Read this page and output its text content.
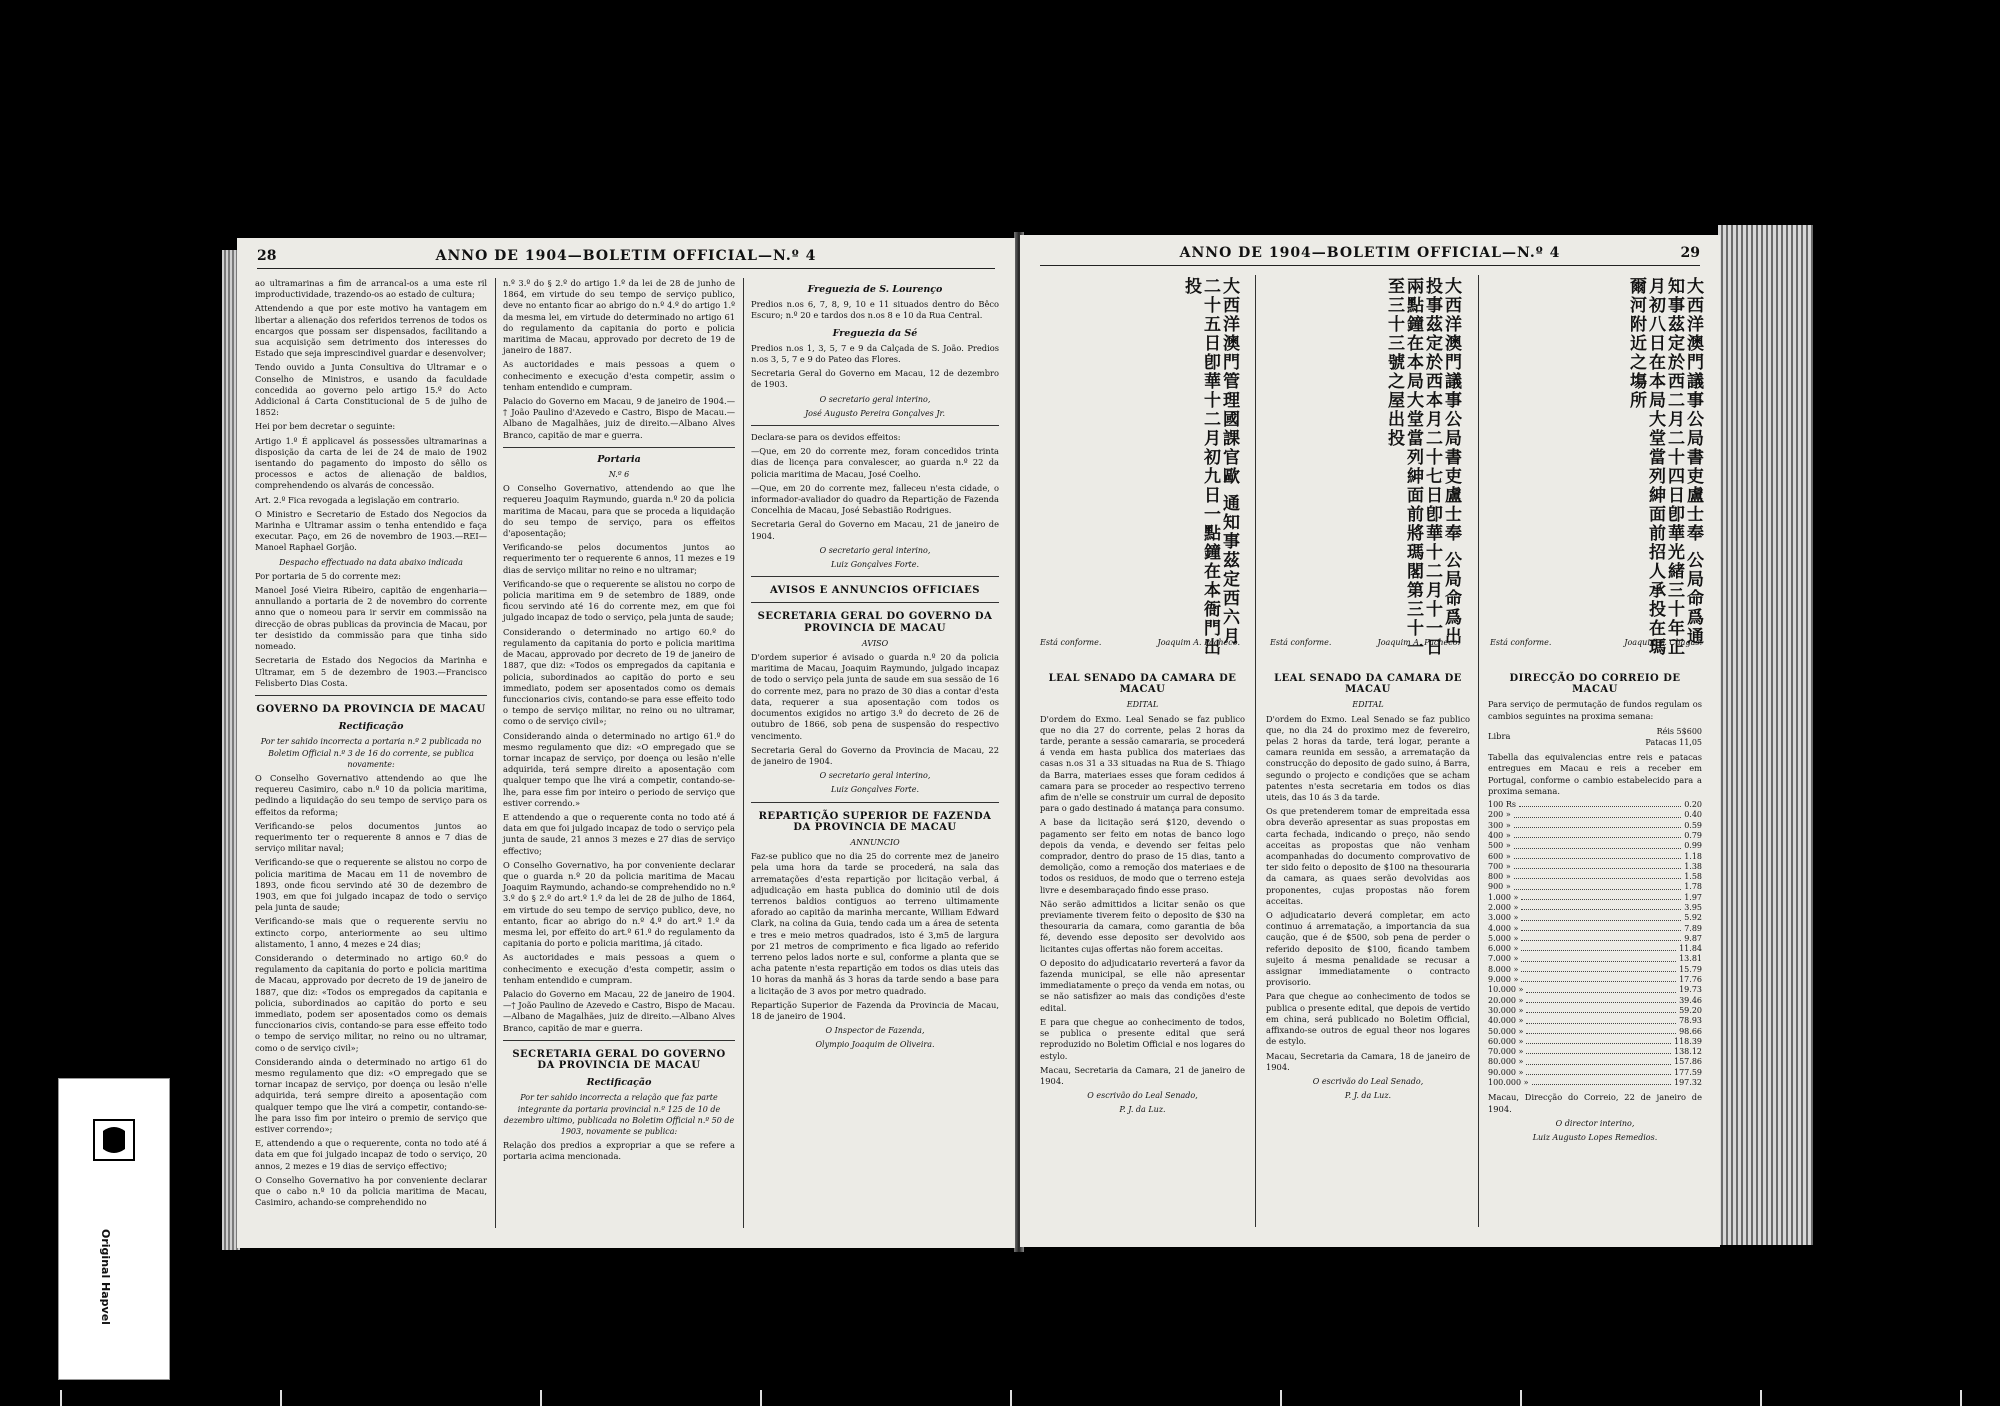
28	ANNO DE 1904—BOLETIM OFFICIAL—N.º 4

ao ultramarinas a fim de arrancal-os a uma este ril improductividade, trazendo-os ao estado de cultura;

Attendendo a que por este motivo ha vantagem em libertar a alienação dos referidos terrenos de todos os encargos que possam ser dispensados, facilitando a sua acquisição sem detrimento dos interesses do Estado que seja imprescindivel guardar e desenvolver;

Tendo ouvido a Junta Consultiva do Ultramar e o Conselho de Ministros, e usando da faculdade concedida ao governo pelo artigo 15.º do Acto Addicional á Carta Constitucional de 5 de julho de 1852:

Hei por bem decretar o seguinte:

Artigo 1.º É applicavel ás possessões ultramarinas a disposição da carta de lei de 24 de maio de 1902 isentando do pagamento do imposto do sêllo os processos e actos de alienação de baldios, comprehendendo os alvarás de concessão.

Art. 2.º Fica revogada a legislação em contrario.

O Ministro e Secretario de Estado dos Negocios da Marinha e Ultramar assim o tenha entendido e faça executar. Paço, em 26 de novembro de 1903.—REI—Manoel Raphael Gorjão.

Despacho effectuado na data abaixo indicada

Por portaria de 5 do corrente mez:

Manoel José Vieira Ribeiro, capitão de engenharia—annullando a portaria de 2 de novembro do corrente anno que o nomeou para ir servir em commissão na direcção de obras publicas da provincia de Macau, por ter desistido da commissão para que tinha sido nomeado.

Secretaria de Estado dos Negocios da Marinha e Ultramar, em 5 de dezembro de 1903.—Francisco Felisberto Dias Costa.

GOVERNO DA PROVINCIA DE MACAU
Rectificação

Por ter sahido incorrecta a portaria n.º 2 publicada no Boletim Official n.º 3 de 16 do corrente, se publica novamente:

O Conselho Governativo attendendo ao que lhe requereu Casimiro, cabo n.º 10 da policia maritima, pedindo a liquidação do seu tempo de serviço para os effeitos da reforma;

Verificando-se pelos documentos juntos ao requerimento ter o requerente 8 annos e 7 dias de serviço militar naval;

Verificando-se que o requerente se alistou no corpo de policia maritima de Macau em 11 de novembro de 1893, onde ficou servindo até 30 de dezembro de 1903, em que foi julgado incapaz de todo o serviço pela junta de saude;

Verificando-se mais que o requerente serviu no extincto corpo, anteriormente ao seu ultimo alistamento, 1 anno, 4 mezes e 24 dias;

Considerando o determinado no artigo 60.º do regulamento da capitania do porto e policia maritima de Macau, approvado por decreto de 19 de janeiro de 1887, que diz: «Todos os empregados da capitania e policia, subordinados ao capitão do porto e seu immediato, podem ser aposentados como os demais funccionarios civis, contando-se para esse effeito todo o tempo de serviço militar, no reino ou no ultramar, como o de serviço civil»;

Considerando ainda o determinado no artigo 61 do mesmo regulamento que diz: «O empregado que se tornar incapaz de serviço, por doença ou lesão n'elle adquirida, terá sempre direito a aposentação com qualquer tempo que lhe virá a competir, contando-se-lhe para isso fim por inteiro o premio de serviço que estiver correndo»;

E, attendendo a que o requerente, conta no todo até á data em que foi julgado incapaz de todo o serviço, 20 annos, 2 mezes e 19 dias de serviço effectivo;

O Conselho Governativo ha por conveniente declarar que o cabo n.º 10 da policia maritima de Macau, Casimiro, achando-se comprehendido no

n.º 3.º do § 2.º do artigo 1.º da lei de 28 de junho de 1864, em virtude do seu tempo de serviço publico, deve no entanto ficar ao abrigo do n.º 4.º do artigo 1.º da mesma lei, em virtude do determinado no artigo 61 do regulamento da capitania do porto e policia maritima de Macau, approvado por decreto de 19 de janeiro de 1887.

As auctoridades e mais pessoas a quem o conhecimento e execução d'esta competir, assim o tenham entendido e cumpram.

Palacio do Governo em Macau, 9 de janeiro de 1904.—† João Paulino d'Azevedo e Castro, Bispo de Macau.—Albano de Magalhães, juiz de direito.—Albano Alves Branco, capitão de mar e guerra.

Portaria
N.º 6

O Conselho Governativo, attendendo ao que lhe requereu Joaquim Raymundo, guarda n.º 20 da policia maritima de Macau, para que se proceda a liquidação do seu tempo de serviço, para os effeitos d'aposentação;

Verificando-se pelos documentos juntos ao requerimento ter o requerente 6 annos, 11 mezes e 19 dias de serviço militar no reino e no ultramar;

Verificando-se que o requerente se alistou no corpo de policia maritima em 9 de setembro de 1889, onde ficou servindo até 16 do corrente mez, em que foi julgado incapaz de todo o serviço, pela junta de saude;

Considerando o determinado no artigo 60.º do regulamento da capitania do porto e policia maritima de Macau, approvado por decreto de 19 de janeiro de 1887, que diz: «Todos os empregados da capitania e policia, subordinados ao capitão do porto e seu immediato, podem ser aposentados como os demais funccionarios civis, contando-se para esse effeito todo o tempo de serviço militar, no reino ou no ultramar, como o de serviço civil»;

Considerando ainda o determinado no artigo 61.º do mesmo regulamento que diz: «O empregado que se tornar incapaz de serviço, por doença ou lesão n'elle adquirida, terá sempre direito a aposentação com qualquer tempo que lhe virá a competir, contando-se-lhe, para esse fim por inteiro o periodo de serviço que estiver correndo.»

E attendendo a que o requerente conta no todo até á data em que foi julgado incapaz de todo o serviço pela junta de saude, 21 annos 3 mezes e 27 dias de serviço effectivo;

O Conselho Governativo, ha por conveniente declarar que o guarda n.º 20 da policia maritima de Macau Joaquim Raymundo, achando-se comprehendido no n.º 3.º do § 2.º do art.º 1.º da lei de 28 de julho de 1864, em virtude do seu tempo de serviço publico, deve, no entanto, ficar ao abrigo do n.º 4.º do art.º 1.º da mesma lei, por effeito do art.º 61.º do regulamento da capitania do porto e policia maritima, já citado.

As auctoridades e mais pessoas a quem o conhecimento e execução d'esta competir, assim o tenham entendido e cumpram.

Palacio do Governo em Macau, 22 de janeiro de 1904.—† João Paulino de Azevedo e Castro, Bispo de Macau.—Albano de Magalhães, juiz de direito.—Albano Alves Branco, capitão de mar e guerra.

SECRETARIA GERAL DO GOVERNO DA PROVINCIA DE MACAU
Rectificação

Por ter sahido incorrecta a relação que faz parte integrante da portaria provincial n.º 125 de 10 de dezembro ultimo, publicada no Boletim Official n.º 50 de 1903, novamente se publica:

Relação dos predios a expropriar a que se refere a portaria acima mencionada.

Freguezia de S. Lourenço

Predios n.os 6, 7, 8, 9, 10 e 11 situados dentro do Bêco Escuro; n.º 20 e tardos dos n.os 8 e 10 da Rua Central.

Freguezia da Sé

Predios n.os 1, 3, 5, 7 e 9 da Calçada de S. João. Predios n.os 3, 5, 7 e 9 do Pateo das Flores.

Secretaria Geral do Governo em Macau, 12 de dezembro de 1903.

O secretario geral interino,

José Augusto Pereira Gonçalves Jr.

Declara-se para os devidos effeitos:

—Que, em 20 do corrente mez, foram concedidos trinta dias de licença para convalescer, ao guarda n.º 22 da policia maritima de Macau, José Coelho.

—Que, em 20 do corrente mez, falleceu n'esta cidade, o informador-avaliador do quadro da Repartição de Fazenda Concelhia de Macau, José Sebastião Rodrigues.

Secretaria Geral do Governo em Macau, 21 de janeiro de 1904.

O secretario geral interino,

Luiz Gonçalves Forte.

AVISOS E ANNUNCIOS OFFICIAES
SECRETARIA GERAL DO GOVERNO DA PROVINCIA DE MACAU
AVISO

D'ordem superior é avisado o guarda n.º 20 da policia maritima de Macau, Joaquim Raymundo, julgado incapaz de todo o serviço pela junta de saude em sua sessão de 16 do corrente mez, para no prazo de 30 dias a contar d'esta data, requerer a sua aposentação com todos os documentos exigidos no artigo 3.º do decreto de 26 de outubro de 1866, sob pena de suspensão do respectivo vencimento.

Secretaria Geral do Governo da Provincia de Macau, 22 de janeiro de 1904.

O secretario geral interino,

Luiz Gonçalves Forte.

REPARTIÇÃO SUPERIOR DE FAZENDA DA PROVINCIA DE MACAU
ANNUNCIO

Faz-se publico que no dia 25 do corrente mez de janeiro pela uma hora da tarde se procederá, na sala das arrematações d'esta repartição por licitação verbal, á adjudicação em hasta publica do dominio util de dois terrenos baldios contiguos ao terreno ultimamente aforado ao capitão da marinha mercante, William Edward Clark, na colina da Guia, tendo cada um a área de setenta e tres e meio metros quadrados, isto é 3,m5 de largura por 21 metros de comprimento e fica ligado ao referido terreno pelos lados norte e sul, conforme a planta que se acha patente n'esta repartição em todos os dias uteis das 10 horas da manhã ás 3 horas da tarde sendo a base para a licitação de 3 avos por metro quadrado.

Repartição Superior de Fazenda da Provincia de Macau, 18 de janeiro de 1904.

O Inspector de Fazenda,

Olympio Joaquim de Oliveira.

ANNO DE 1904—BOLETIM OFFICIAL—N.º 4	29
大西洋澳門管理國課官歐 通知事茲定西六月二十五日卽華十二月初九日一點鐘在本衙門出投	大西洋澳門議事公局書吏盧士奉 公局命爲出投事茲定於西本月二十七日卽華十二月十一日兩點鐘在本局大堂當列紳面前將瑪閣第三十一至三十三號之屋出投	大西洋澳門議事公局書吏盧士奉 公局命爲通知事茲定於西二月二十四日卽華光緒三十年正月初八日在本局大堂當列紳面前招人承投在瑪爾河附近之塲所
Está conforme.	Joaquim A. Pacheco.	Está conforme.	Joaquim A. Pacheco.	Está conforme.	Joaquim F. Chagas.
LEAL SENADO DA CAMARA DE MACAU
EDITAL

D'ordem do Exmo. Leal Senado se faz publico que no dia 27 do corrente, pelas 2 horas da tarde, perante a sessão camararia, se procederá á venda em hasta publica dos materiaes das casas n.os 31 a 33 situadas na Rua de S. Thiago da Barra, materiaes esses que foram cedidos á camara para se proceder ao respectivo terreno afim de n'elle se construir um curral de deposito para o gado destinado á matança para consumo.

A base da licitação será $120, devendo o pagamento ser feito em notas de banco logo depois da venda, e devendo ser feitas pelo comprador, dentro do praso de 15 dias, tanto a demolição, como a remoção dos materiaes e de todos os residuos, de modo que o terreno esteja livre e desembaraçado findo esse praso.

Não serão admittidos a licitar senão os que previamente tiverem feito o deposito de $30 na thesouraria da camara, como garantia de bôa fé, devendo esse deposito ser devolvido aos licitantes cujas offertas não forem acceitas.

O deposito do adjudicatario reverterá a favor da fazenda municipal, se elle não apresentar immediatamente o preço da venda em notas, ou se não satisfizer ao mais das condições d'este edital.

E para que chegue ao conhecimento de todos, se publica o presente edital que será reproduzido no Boletim Official e nos logares do estylo.

Macau, Secretaria da Camara, 21 de janeiro de 1904.

O escrivão do Leal Senado,

P. J. da Luz.

LEAL SENADO DA CAMARA DE MACAU
EDITAL

D'ordem do Exmo. Leal Senado se faz publico que, no dia 24 do proximo mez de fevereiro, pelas 2 horas da tarde, terá logar, perante a camara reunida em sessão, a arrematação da construcção do deposito de gado suino, á Barra, segundo o projecto e condições que se acham patentes n'esta secretaria em todos os dias uteis, das 10 ás 3 da tarde.

Os que pretenderem tomar de empreitada essa obra deverão apresentar as suas propostas em carta fechada, indicando o preço, não sendo acceitas as propostas que não venham acompanhadas do documento comprovativo de ter sido feito o deposito de $100 na thesouraria da camara, as quaes serão devolvidas aos proponentes, cujas propostas não forem acceitas.

O adjudicatario deverá completar, em acto continuo á arrematação, a importancia da sua caução, que é de $500, sob pena de perder o referido deposito de $100, ficando tambem sujeito á mesma penalidade se recusar a assignar immediatamente o contracto provisorio.

Para que chegue ao conhecimento de todos se publica o presente edital, que depois de vertido em china, será publicado no Boletim Official, affixando-se outros de egual theor nos logares de estylo.

Macau, Secretaria da Camara, 18 de janeiro de 1904.

O escrivão do Leal Senado,

P. J. da Luz.

DIRECÇÃO DO CORREIO DE MACAU

Para serviço de permutação de fundos regulam os cambios seguintes na proxima semana:

Libra
Réis 5$600
Patacas 11,05

Tabella das equivalencias entre reis e patacas entregues em Macau e reis a receber em Portugal, conforme o cambio estabelecido para a proxima semana.

100 Rs	0.20
200 »	0.40
300 »	0.59
400 »	0.79
500 »	0.99
600 »	1.18
700 »	1.38
800 »	1.58
900 »	1.78
1.000 »	1.97
2.000 »	3.95
3.000 »	5.92
4.000 »	7.89
5.000 »	9.87
6.000 »	11.84
7.000 »	13.81
8.000 »	15.79
9.000 »	17.76
10.000 »	19.73
20.000 »	39.46
30.000 »	59.20
40.000 »	78.93
50.000 »	98.66
60.000 »	118.39
70.000 »	138.12
80.000 »	157.86
90.000 »	177.59
100.000 »	197.32

Macau, Direcção do Correio, 22 de janeiro de 1904.

O director interino,

Luiz Augusto Lopes Remedios.

Original Hapvel
